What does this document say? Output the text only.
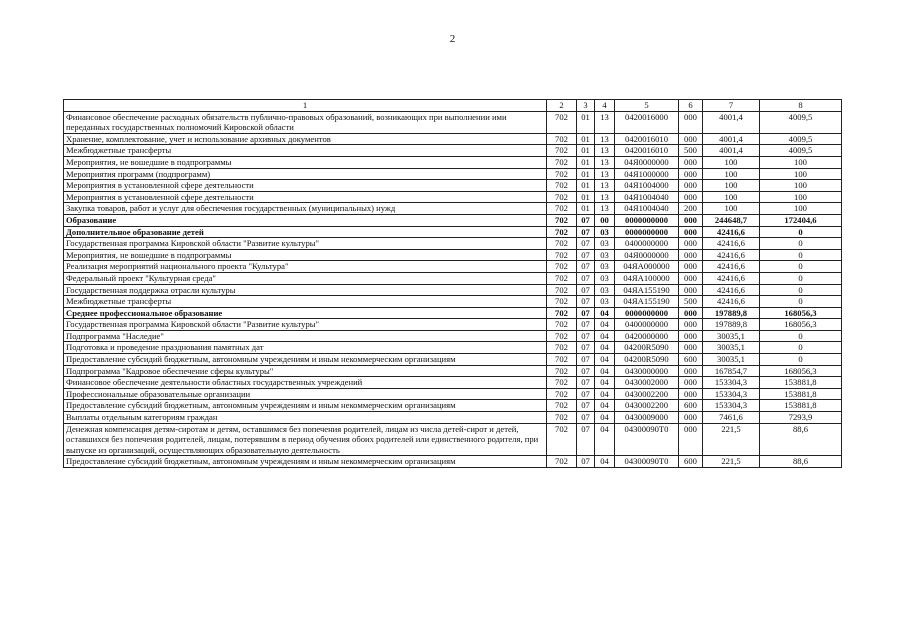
2
1	2	3	4	5	6	7	8
Финансовое обеспечение расходных обязательств публично-правовых образований, возникающих при выполнении ими переданных государственных полномочий Кировской области	702	01	13	0420016000	000	4001,4	4009,5
Хранение, комплектование, учет и использование архивных документов	702	01	13	0420016010	000	4001,4	4009,5
Межбюджетные трансферты	702	01	13	0420016010	500	4001,4	4009,5
Мероприятия, не вошедшие в подпрограммы	702	01	13	04Я0000000	000	100	100
Мероприятия программ (подпрограмм)	702	01	13	04Я1000000	000	100	100
Мероприятия в установленной сфере деятельности	702	01	13	04Я1004000	000	100	100
Мероприятия в установленной сфере деятельности	702	01	13	04Я1004040	000	100	100
Закупка товаров, работ и услуг для обеспечения государственных (муниципальных) нужд	702	01	13	04Я1004040	200	100	100
Образование	702	07	00	0000000000	000	244648,7	172404,6
Дополнительное образование детей	702	07	03	0000000000	000	42416,6	0
Государственная программа Кировской области "Развитие культуры"	702	07	03	0400000000	000	42416,6	0
Мероприятия, не вошедшие в подпрограммы	702	07	03	04Я0000000	000	42416,6	0
Реализация мероприятий национального проекта "Культура"	702	07	03	04ЯA000000	000	42416,6	0
Федеральный проект "Культурная среда"	702	07	03	04ЯA100000	000	42416,6	0
Государственная поддержка отрасли культуры	702	07	03	04ЯA155190	000	42416,6	0
Межбюджетные трансферты	702	07	03	04ЯA155190	500	42416,6	0
Среднее профессиональное образование	702	07	04	0000000000	000	197889,8	168056,3
Государственная программа Кировской области "Развитие культуры"	702	07	04	0400000000	000	197889,8	168056,3
Подпрограмма "Наследие"	702	07	04	0420000000	000	30035,1	0
Подготовка и проведение празднования памятных дат	702	07	04	04200R5090	000	30035,1	0
Предоставление субсидий бюджетным, автономным учреждениям и иным некоммерческим организациям	702	07	04	04200R5090	600	30035,1	0
Подпрограмма "Кадровое обеспечение сферы культуры"	702	07	04	0430000000	000	167854,7	168056,3
Финансовое обеспечение деятельности областных государственных учреждений	702	07	04	0430002000	000	153304,3	153881,8
Профессиональные образовательные организации	702	07	04	0430002200	000	153304,3	153881,8
Предоставление субсидий бюджетным, автономным учреждениям и иным некоммерческим организациям	702	07	04	0430002200	600	153304,3	153881,8
Выплаты отдельным категориям граждан	702	07	04	0430009000	000	7461,6	7293,9
Денежная компенсация детям-сиротам и детям, оставшимся без попечения родителей, лицам из числа детей-сирот и детей, оставшихся без попечения родителей, лицам, потерявшим в период обучения обоих родителей или единственного родителя, при выпуске из организаций, осуществляющих образовательную деятельность	702	07	04	04300090T0	000	221,5	88,6
Предоставление субсидий бюджетным, автономным учреждениям и иным некоммерческим организациям	702	07	04	04300090T0	600	221,5	88,6
